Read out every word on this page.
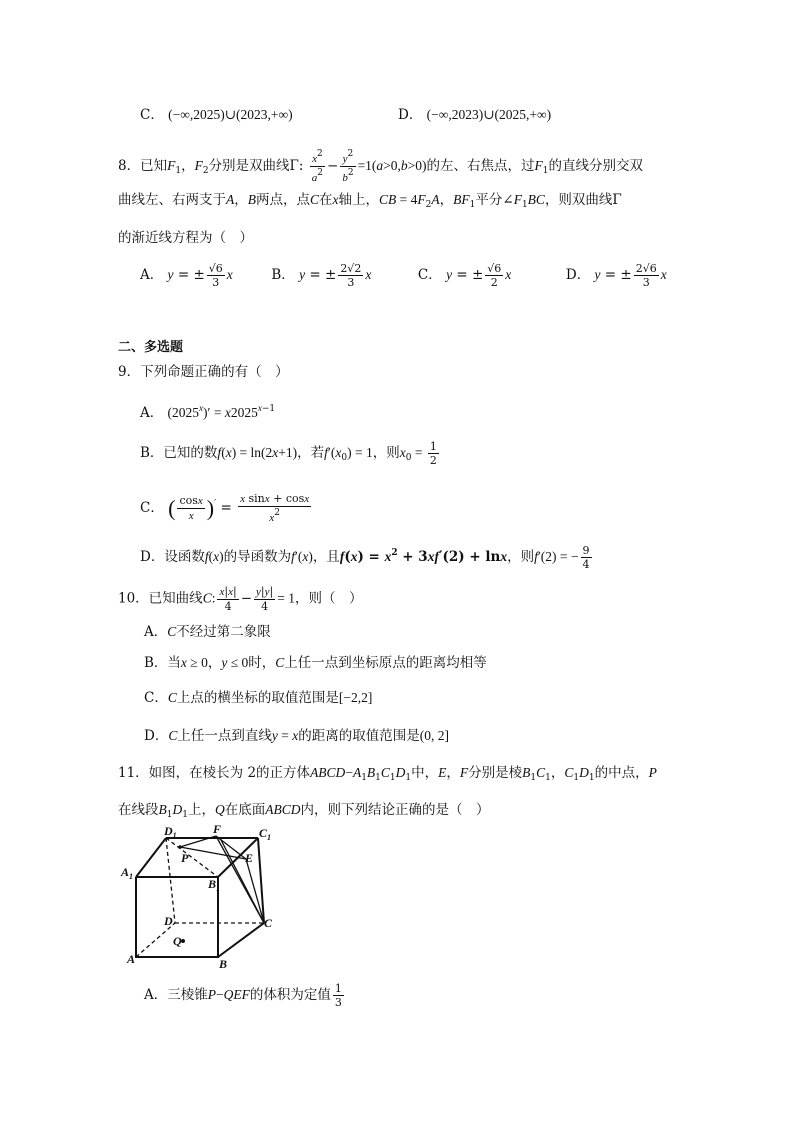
C． (−∞,2025)∪(2023,+∞)	D． (−∞,2023)∪(2025,+∞)
8．已知$F_1$，$F_2$分别是双曲线Γ: $\frac{x^2}{a^2} - \frac{y^2}{b^2} =1(a>0,b>0)$的左、右焦点，过$F_1$的直线分别交双
曲线左、右两支于A，B两点，点C在x轴上，CB = $4F_2A$，$BF_1$平分$\angle F_1BC$，则双曲线Γ
的渐近线方程为（　）
A． y = ± $\frac{√6}{3}$ x	B． y = ± $\frac{2√2}{3}$ x	C． y = ± $\frac{√6}{2}$ x	D． y = ± $\frac{2√6}{3}$ x
二、多选题
9．下列命题正确的有（　）
A． $(2025^x)' = x2025^{x-1}$
B．已知的数f(x) = ln(2x+1)，若$f'(x_0) = 1$，则$x_0 = \frac{1}{2}$
C． ( $\frac{\cos x}{x} )' = \frac{\text{x sinx + cosx}}{x^2}$
D．设函数f(x)的导函数为f′(x)，且$f(x) = x^2 + 3xf'(2) + \ln x$，则f′(2) = − $\frac{9}{4}$
10．已知曲线C: $\frac{x|x|}{4} - \frac{y|y|}{4} = 1$，则（　）
A．C不经过第二象限
B．当x ≥ 0，y ≤ 0时，C上任一点到坐标原点的距离均相等
C．C上点的横坐标的取值范围是[−2,2]
D．C上任一点到直线y = x的距离的取值范围是(0, 2]
11．如图，在棱长为 2的正方体$ABCD-A_1B_1C_1D_1$中，E，F分别是棱$B_1C_1$，$C_1D_1$的中点，P
在线段$B_1D_1$上，Q在底面ABCD内，则下列结论正确的是（　）
$D_1$	F	$C_1$
P	E
$A_1$
$B_1$
D	C
Q
A	B
A．三棱锥P−QEF的体积为定值 $\frac{1}{3}$
